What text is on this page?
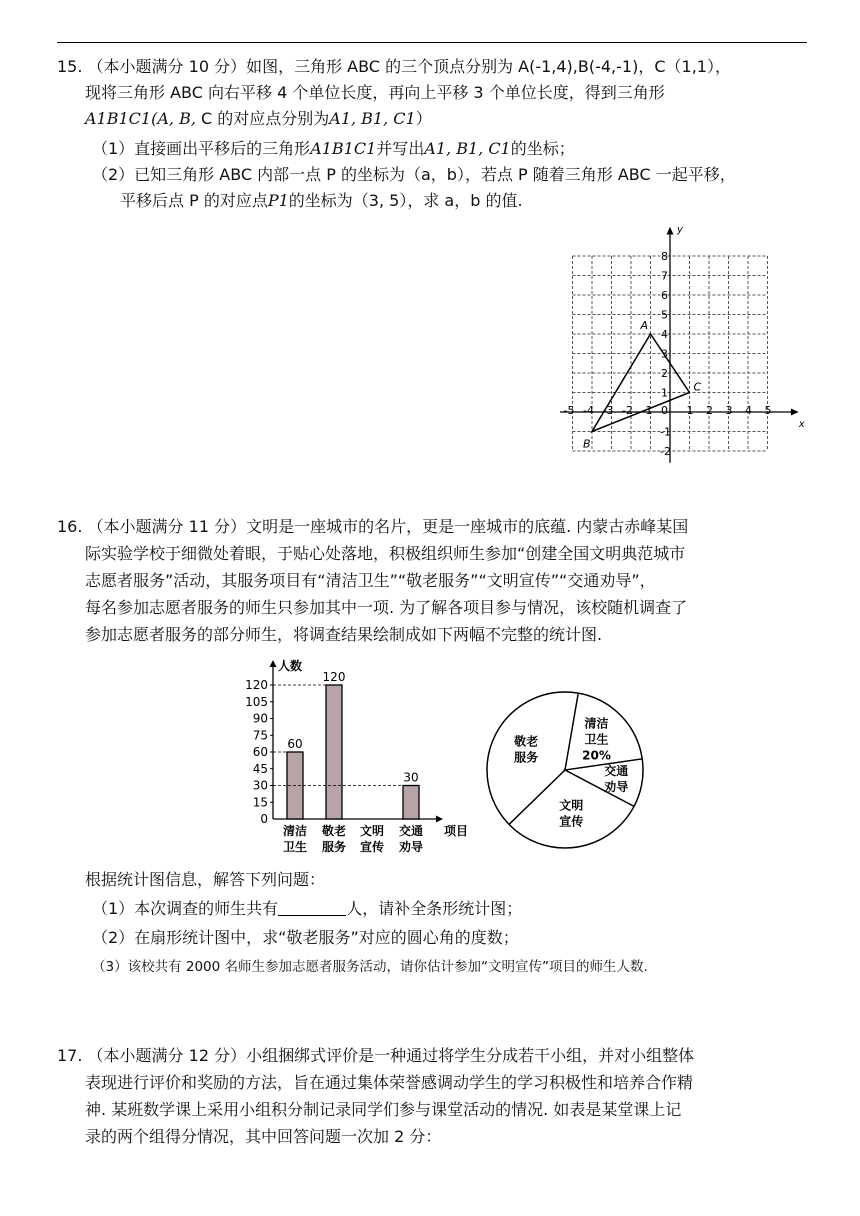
15. （本小题满分 10 分）如图，三角形 ABC 的三个顶点分别为 A(-1,4),B(-4,-1)，C（1,1），
现将三角形 ABC 向右平移 4 个单位长度，再向上平移 3 个单位长度，得到三角形
A1B1C1(A, B, C 的对应点分别为A1, B1, C1）
（1）直接画出平移后的三角形A1B1C1并写出A1, B1, C1的坐标；
（2）已知三角形 ABC 内部一点 P 的坐标为（a，b），若点 P 随着三角形 ABC 一起平移，
平移后点 P 的对应点P1的坐标为（3, 5），求 a，b 的值.
x
y
-5 -4 -3 -2 -1 0 1 2 3 4 5
8
7
6
5
4
3
2
1
-1
-2
A
B
C
16. （本小题满分 11 分）文明是一座城市的名片，更是一座城市的底蕴. 内蒙古赤峰某国
际实验学校于细微处着眼，于贴心处落地，积极组织师生参加“创建全国文明典范城市
志愿者服务”活动，其服务项目有“清洁卫生”“敬老服务”“文明宣传”“交通劝导”，
每名参加志愿者服务的师生只参加其中一项. 为了解各项目参与情况，该校随机调查了
参加志愿者服务的部分师生，将调查结果绘制成如下两幅不完整的统计图.
人数
项目
0
15
30
45
60
75
90
105
120
60
清洁
卫生
120
敬老
服务
文明
宣传
30
交通
劝导
清洁
卫生
20%
交通
劝导
文明
宣传
敬老
服务
根据统计图信息，解答下列问题：
（1）本次调查的师生共有	人，请补全条形统计图；
（2）在扇形统计图中，求“敬老服务”对应的圆心角的度数；
（3）该校共有 2000 名师生参加志愿者服务活动，请你估计参加“文明宣传”项目的师生人数.
17. （本小题满分 12 分）小组捆绑式评价是一种通过将学生分成若干小组，并对小组整体
表现进行评价和奖励的方法，旨在通过集体荣誉感调动学生的学习积极性和培养合作精
神. 某班数学课上采用小组积分制记录同学们参与课堂活动的情况. 如表是某堂课上记
录的两个组得分情况，其中回答问题一次加 2 分：
